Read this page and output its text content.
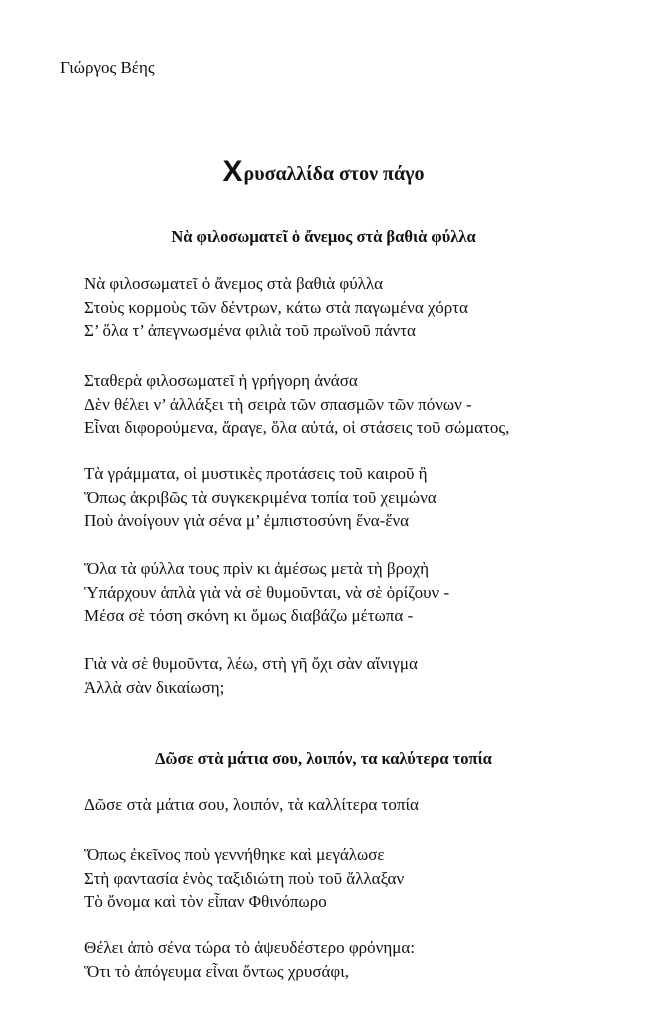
Γιώργος Βέης
Χρυσαλλίδα στον πάγο
Νὰ φιλοσωματεῖ ὁ ἄνεμος στὰ βαθιὰ φύλλα
Νὰ φιλοσωματεῖ ὁ ἄνεμος στὰ βαθιὰ φύλλα
Στοὺς κορμοὺς τῶν δέντρων, κάτω στὰ παγωμένα χόρτα
Σ’ ὅλα τ’ ἀπεγνωσμένα φιλιὰ τοῦ πρωϊνοῦ πάντα
Σταθερὰ φιλοσωματεῖ ἡ γρήγορη ἀνάσα
Δὲν θέλει ν’ ἀλλάξει τὴ σειρὰ τῶν σπασμῶν τῶν πόνων -
Εἶναι διφορούμενα, ἄραγε, ὅλα αὐτά, οἱ στάσεις τοῦ σώματος,
Τὰ γράμματα, οἱ μυστικὲς προτάσεις τοῦ καιροῦ ἢ
Ὅπως ἀκριβῶς τὰ συγκεκριμένα τοπία τοῦ χειμώνα
Ποὺ ἀνοίγουν γιὰ σένα μ’ ἐμπιστοσύνη ἕνα-ἕνα
Ὅλα τὰ φύλλα τους πρὶν κι ἀμέσως μετὰ τὴ βροχὴ
Ὑπάρχουν ἁπλὰ γιὰ νὰ σὲ θυμοῦνται, νὰ σὲ ὁρίζουν -
Μέσα σὲ τόση σκόνη κι ὅμως διαβάζω μέτωπα -
Γιὰ νὰ σὲ θυμοῦντα, λέω, στὴ γῆ ὄχι σὰν αἴνιγμα
Ἀλλὰ σὰν δικαίωση;
Δῶσε στὰ μάτια σου, λοιπόν, τα καλύτερα τοπία
Δῶσε στὰ μάτια σου, λοιπόν, τὰ καλλίτερα τοπία
Ὅπως ἐκεῖνος ποὺ γεννήθηκε καὶ μεγάλωσε
Στὴ φαντασία ἑνὸς ταξιδιώτη ποὺ τοῦ ἄλλαξαν
Τὸ ὄνομα καὶ τὸν εἶπαν Φθινόπωρο
Θέλει ἀπὸ σένα τώρα τὸ ἀψευδέστερο φρόνημα:
Ὅτι τὸ ἀπόγευμα εἶναι ὄντως χρυσάφι,
